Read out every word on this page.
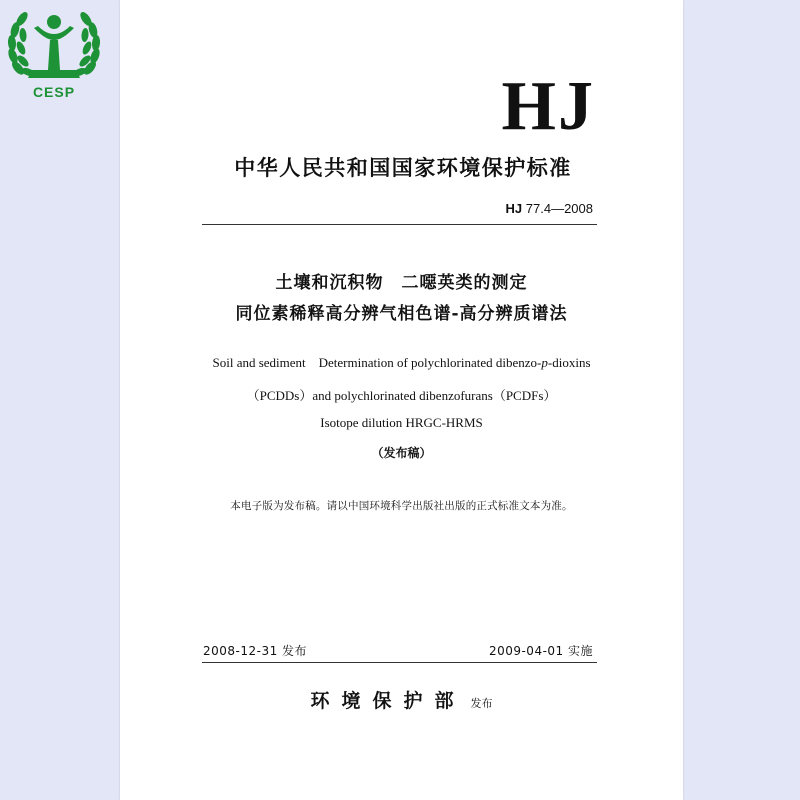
CESP	HJ
中华人民共和国国家环境保护标准
HJ 77.4—2008
土壤和沉积物　二噁英类的测定
同位素稀释高分辨气相色谱-高分辨质谱法
Soil and sediment　Determination of polychlorinated dibenzo-p-dioxins
（PCDDs）and polychlorinated dibenzofurans（PCDFs）
Isotope dilution HRGC-HRMS
（发布稿）
本电子版为发布稿。请以中国环境科学出版社出版的正式标准文本为准。
2008-12-31 发布	2009-04-01 实施
环境保护部 发布
